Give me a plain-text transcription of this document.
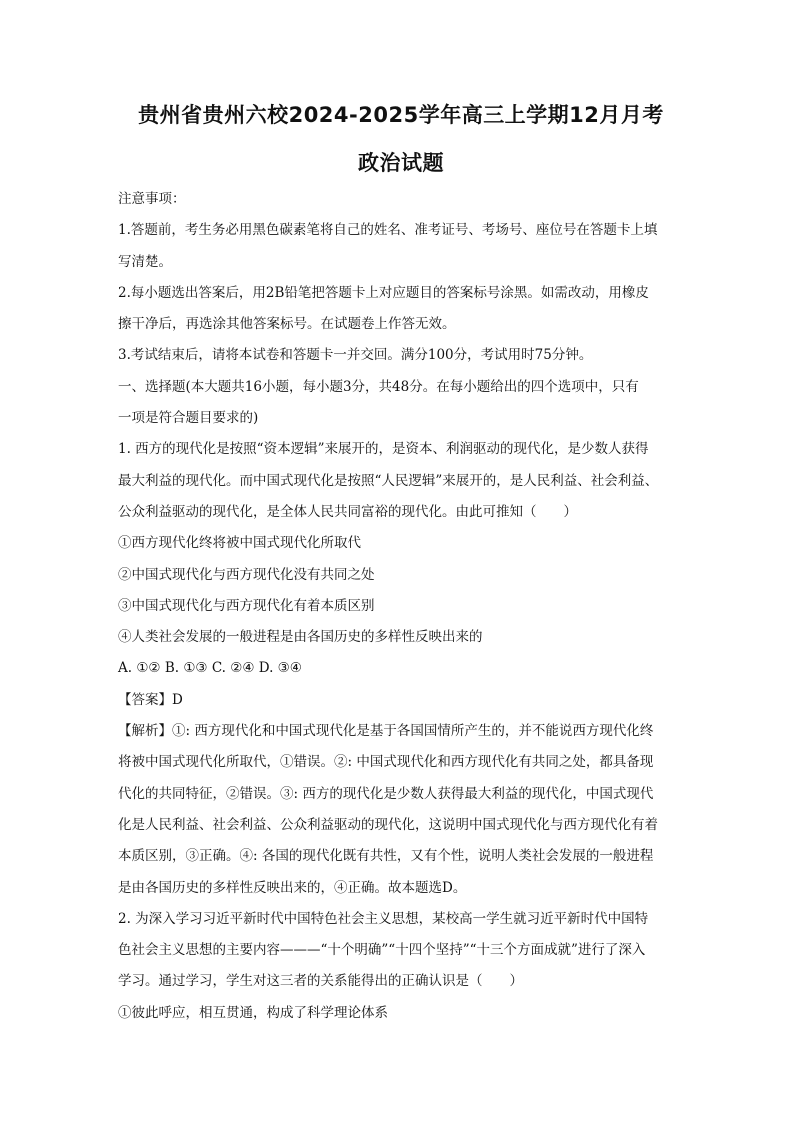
贵州省贵州六校2024-2025学年高三上学期12月月考
政治试题

注意事项：

1.答题前，考生务必用黑色碳素笔将自己的姓名、准考证号、考场号、座位号在答题卡上填

写清楚。

2.每小题选出答案后，用2B铅笔把答题卡上对应题目的答案标号涂黑。如需改动，用橡皮

擦干净后，再选涂其他答案标号。在试题卷上作答无效。

3.考试结束后，请将本试卷和答题卡一并交回。满分100分，考试用时75分钟。

一、选择题(本大题共16小题，每小题3分，共48分。在每小题给出的四个选项中，只有

一项是符合题目要求的)

1. 西方的现代化是按照“资本逻辑”来展开的，是资本、利润驱动的现代化，是少数人获得

最大利益的现代化。而中国式现代化是按照“人民逻辑”来展开的，是人民利益、社会利益、

公众利益驱动的现代化，是全体人民共同富裕的现代化。由此可推知（　　）

①西方现代化终将被中国式现代化所取代

②中国式现代化与西方现代化没有共同之处

③中国式现代化与西方现代化有着本质区别

④人类社会发展的一般进程是由各国历史的多样性反映出来的

A. ①② B. ①③ C. ②④ D. ③④

【答案】D

【解析】①: 西方现代化和中国式现代化是基于各国国情所产生的，并不能说西方现代化终

将被中国式现代化所取代，①错误。②: 中国式现代化和西方现代化有共同之处，都具备现

代化的共同特征，②错误。③: 西方的现代化是少数人获得最大利益的现代化，中国式现代

化是人民利益、社会利益、公众利益驱动的现代化，这说明中国式现代化与西方现代化有着

本质区别，③正确。④: 各国的现代化既有共性，又有个性，说明人类社会发展的一般进程

是由各国历史的多样性反映出来的，④正确。故本题选D。

2. 为深入学习习近平新时代中国特色社会主义思想，某校高一学生就习近平新时代中国特

色社会主义思想的主要内容———“十个明确”“十四个坚持”“十三个方面成就”进行了深入

学习。通过学习，学生对这三者的关系能得出的正确认识是（　　）

①彼此呼应，相互贯通，构成了科学理论体系
